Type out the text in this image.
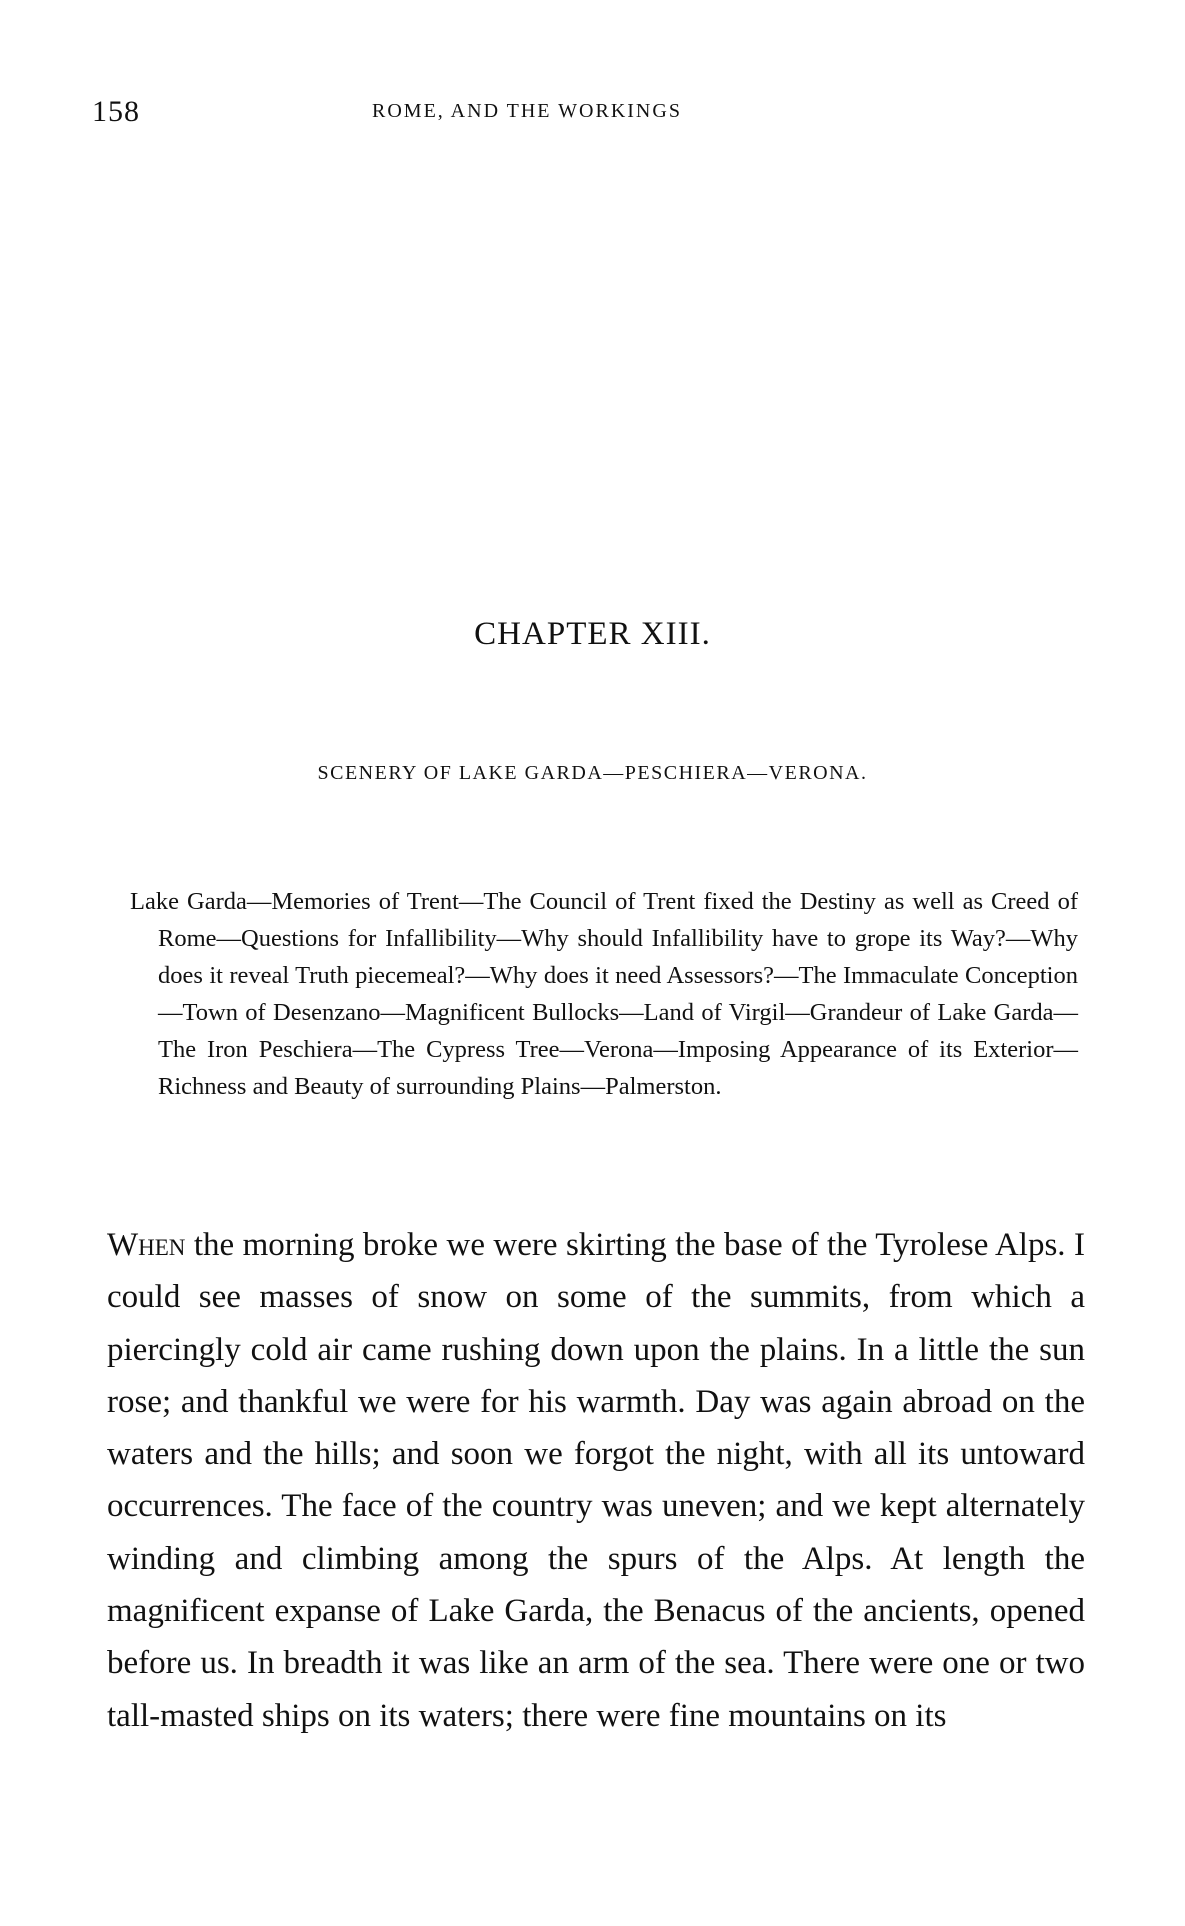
158	ROME, AND THE WORKINGS
CHAPTER XIII.
SCENERY OF LAKE GARDA—PESCHIERA—VERONA.

Lake Garda—Memories of Trent—The Council of Trent fixed the Destiny as well as Creed of Rome—Questions for Infallibility—Why should Infallibility have to grope its Way?—Why does it reveal Truth piecemeal?—Why does it need Assessors?—The Immaculate Conception—Town of Desenzano—Magnificent Bullocks—Land of Virgil—Grandeur of Lake Garda—The Iron Peschiera—The Cypress Tree—Verona—Imposing Appearance of its Exterior—Richness and Beauty of surrounding Plains—Palmerston.

When the morning broke we were skirting the base of the Tyrolese Alps. I could see masses of snow on some of the summits, from which a piercingly cold air came rushing down upon the plains. In a little the sun rose; and thankful we were for his warmth. Day was again abroad on the waters and the hills; and soon we forgot the night, with all its untoward occurrences. The face of the country was uneven; and we kept alternately winding and climbing among the spurs of the Alps. At length the magnificent expanse of Lake Garda, the Benacus of the ancients, opened before us. In breadth it was like an arm of the sea. There were one or two tall-masted ships on its waters; there were fine mountains on its
